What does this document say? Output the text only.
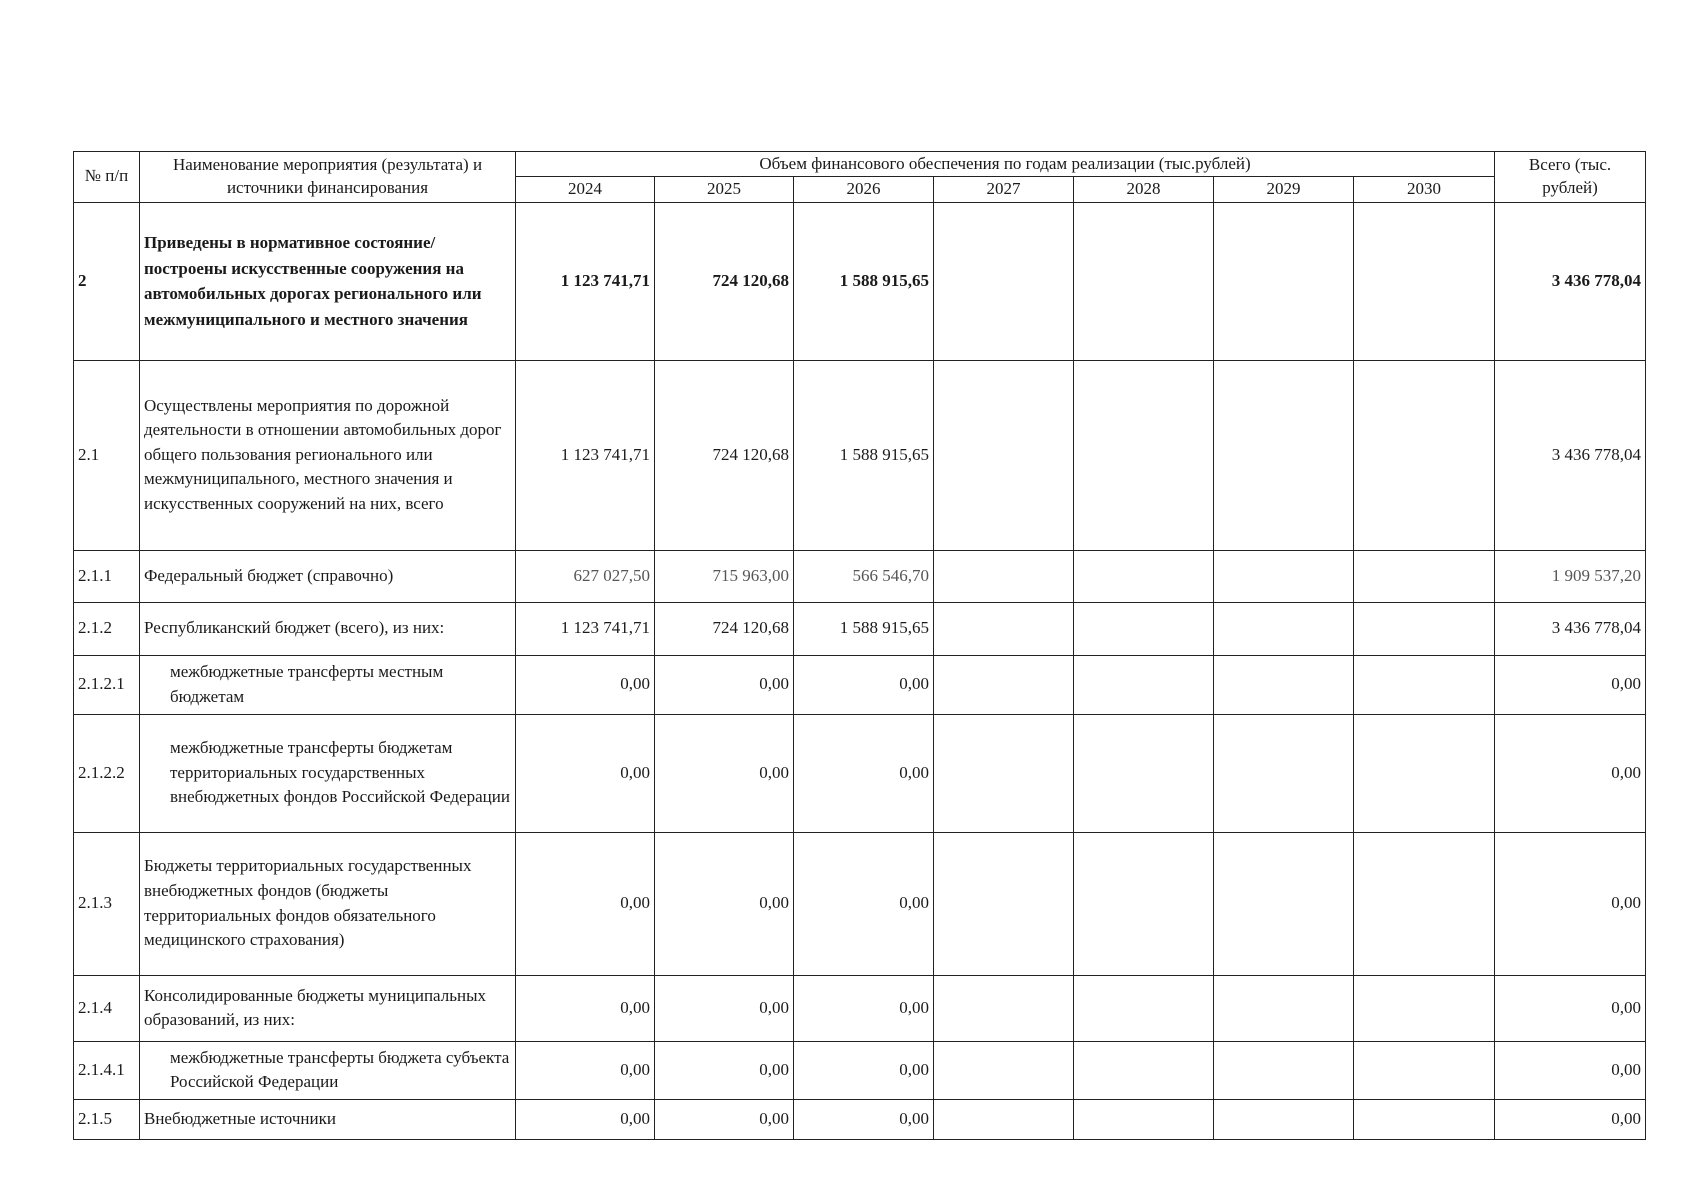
№ п/п	Наименование мероприятия (результата) и источники финансирования	Объем финансового обеспечения по годам реализации (тыс.рублей)							Всего (тыс. рублей)
		2024	2025	2026	2027	2028	2029	2030	
2	Приведены в нормативное состояние/построены искусственные сооружения на автомобильных дорогах регионального или межмуниципального и местного значения	1 123 741,71	724 120,68	1 588 915,65					3 436 778,04
2.1	Осуществлены мероприятия по дорожной деятельности в отношении автомобильных дорог общего пользования регионального или межмуниципального, местного значения и искусственных сооружений на них, всего	1 123 741,71	724 120,68	1 588 915,65					3 436 778,04
2.1.1	Федеральный бюджет (справочно)	627 027,50	715 963,00	566 546,70					1 909 537,20
2.1.2	Республиканский бюджет (всего), из них:	1 123 741,71	724 120,68	1 588 915,65					3 436 778,04
2.1.2.1	межбюджетные трансферты местным бюджетам	0,00	0,00	0,00					0,00
2.1.2.2	межбюджетные трансферты бюджетам территориальных государственных внебюджетных фондов Российской Федерации	0,00	0,00	0,00					0,00
2.1.3	Бюджеты территориальных государственных внебюджетных фондов (бюджеты территориальных фондов обязательного медицинского страхования)	0,00	0,00	0,00					0,00
2.1.4	Консолидированные бюджеты муниципальных образований, из них:	0,00	0,00	0,00					0,00
2.1.4.1	межбюджетные трансферты бюджета субъекта Российской Федерации	0,00	0,00	0,00					0,00
2.1.5	Внебюджетные источники	0,00	0,00	0,00					0,00
